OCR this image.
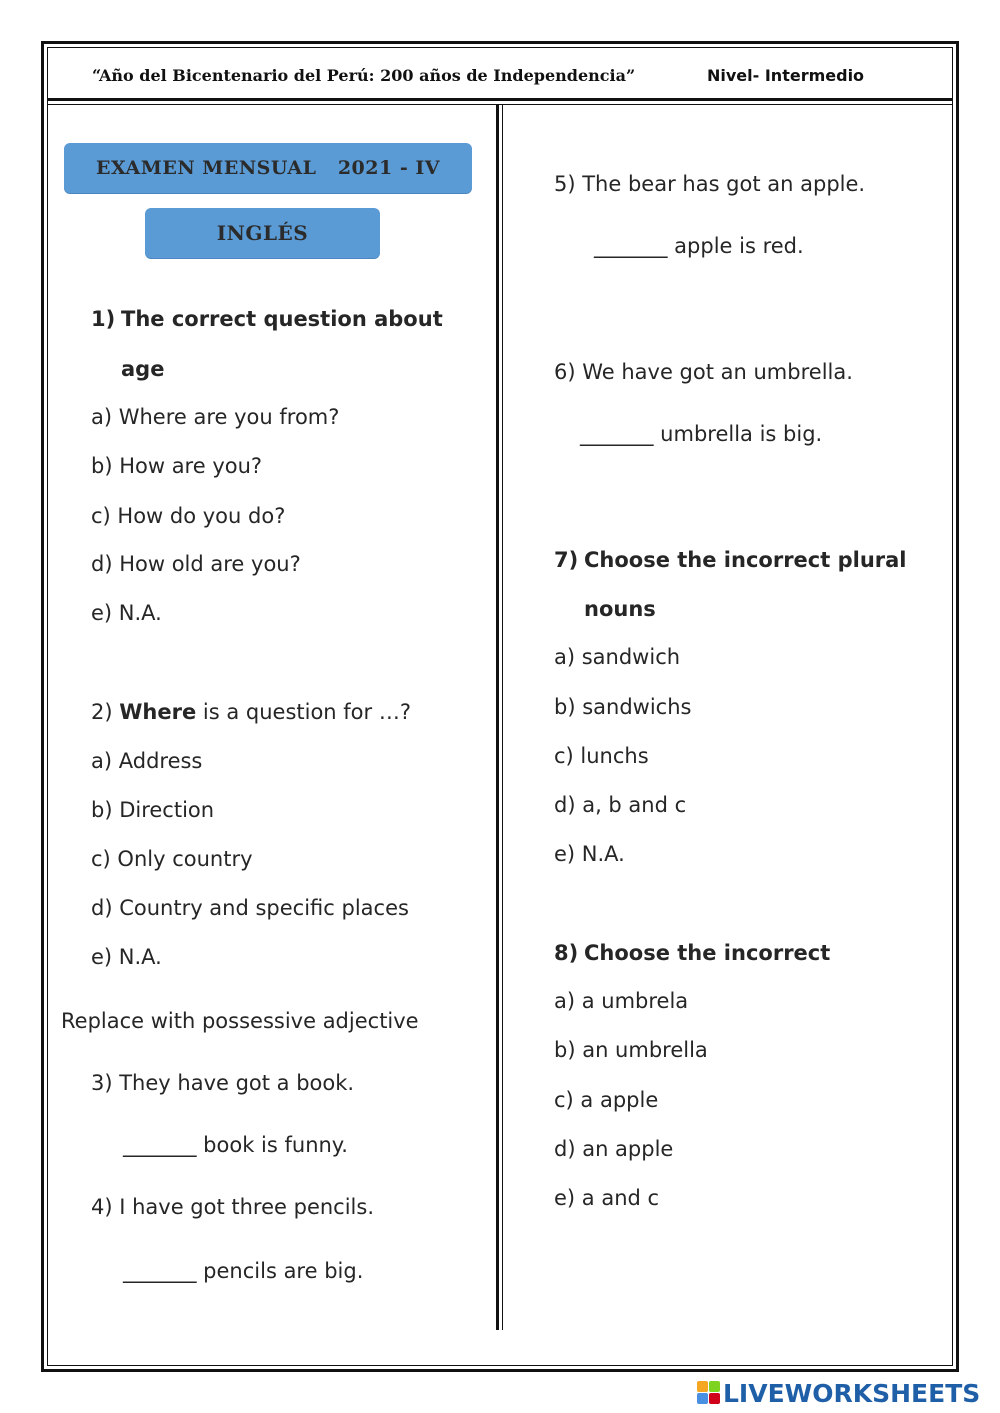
“Año del Bicentenario del Perú: 200 años de Independencia”	Nivel- Intermedio
EXAMEN MENSUAL   2021 - IV
INGLÉS
1) The correct question about
age
a) Where are you from?
b) How are you?
c) How do you do?
d) How old are you?
e) N.A.
2) Where is a question for …?
a) Address
b) Direction
c) Only country
d) Country and specific places
e) N.A.
Replace with possessive adjective
3) They have got a book.
_______ book is funny.
4) I have got three pencils.
_______ pencils are big.
5) The bear has got an apple.
_______ apple is red.
6) We have got an umbrella.
_______ umbrella is big.
7) Choose the incorrect plural
nouns
a) sandwich
b) sandwichs
c) lunchs
d) a, b and c
e) N.A.
8) Choose the incorrect
a) a umbrela
b) an umbrella
c) a apple
d) an apple
e) a and c
LIVEWORKSHEETS
